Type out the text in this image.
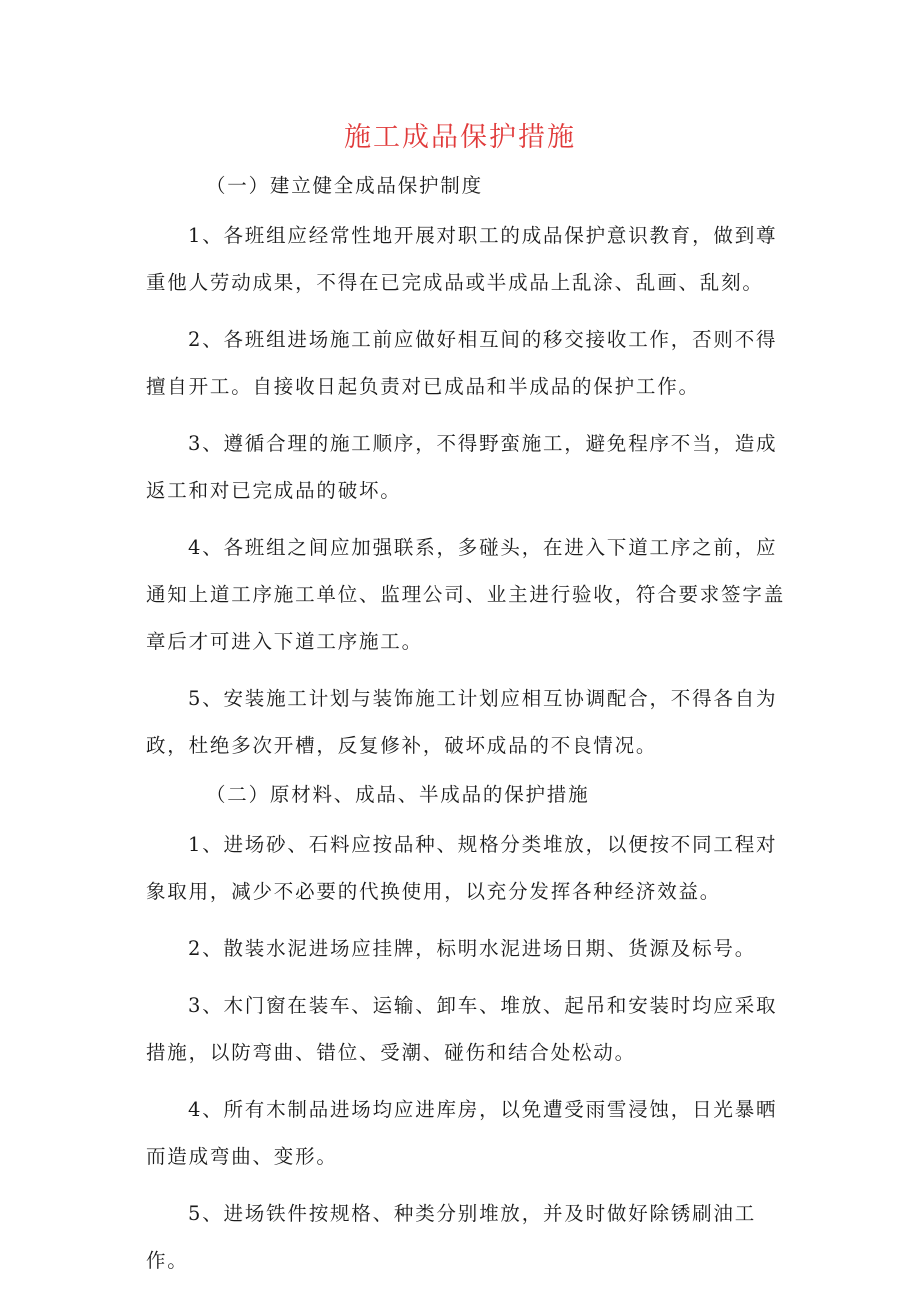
施工成品保护措施
（一）建立健全成品保护制度

1、各班组应经常性地开展对职工的成品保护意识教育，做到尊重他人劳动成果，不得在已完成品或半成品上乱涂、乱画、乱刻。

2、各班组进场施工前应做好相互间的移交接收工作，否则不得擅自开工。自接收日起负责对已成品和半成品的保护工作。

3、遵循合理的施工顺序，不得野蛮施工，避免程序不当，造成返工和对已完成品的破坏。

4、各班组之间应加强联系，多碰头，在进入下道工序之前，应通知上道工序施工单位、监理公司、业主进行验收，符合要求签字盖章后才可进入下道工序施工。

5、安装施工计划与装饰施工计划应相互协调配合，不得各自为政，杜绝多次开槽，反复修补，破坏成品的不良情况。

（二）原材料、成品、半成品的保护措施

1、进场砂、石料应按品种、规格分类堆放，以便按不同工程对象取用，减少不必要的代换使用，以充分发挥各种经济效益。

2、散装水泥进场应挂牌，标明水泥进场日期、货源及标号。

3、木门窗在装车、运输、卸车、堆放、起吊和安装时均应采取措施，以防弯曲、错位、受潮、碰伤和结合处松动。

4、所有木制品进场均应进库房，以免遭受雨雪浸蚀，日光暴晒而造成弯曲、变形。

5、进场铁件按规格、种类分别堆放，并及时做好除锈刷油工作。
